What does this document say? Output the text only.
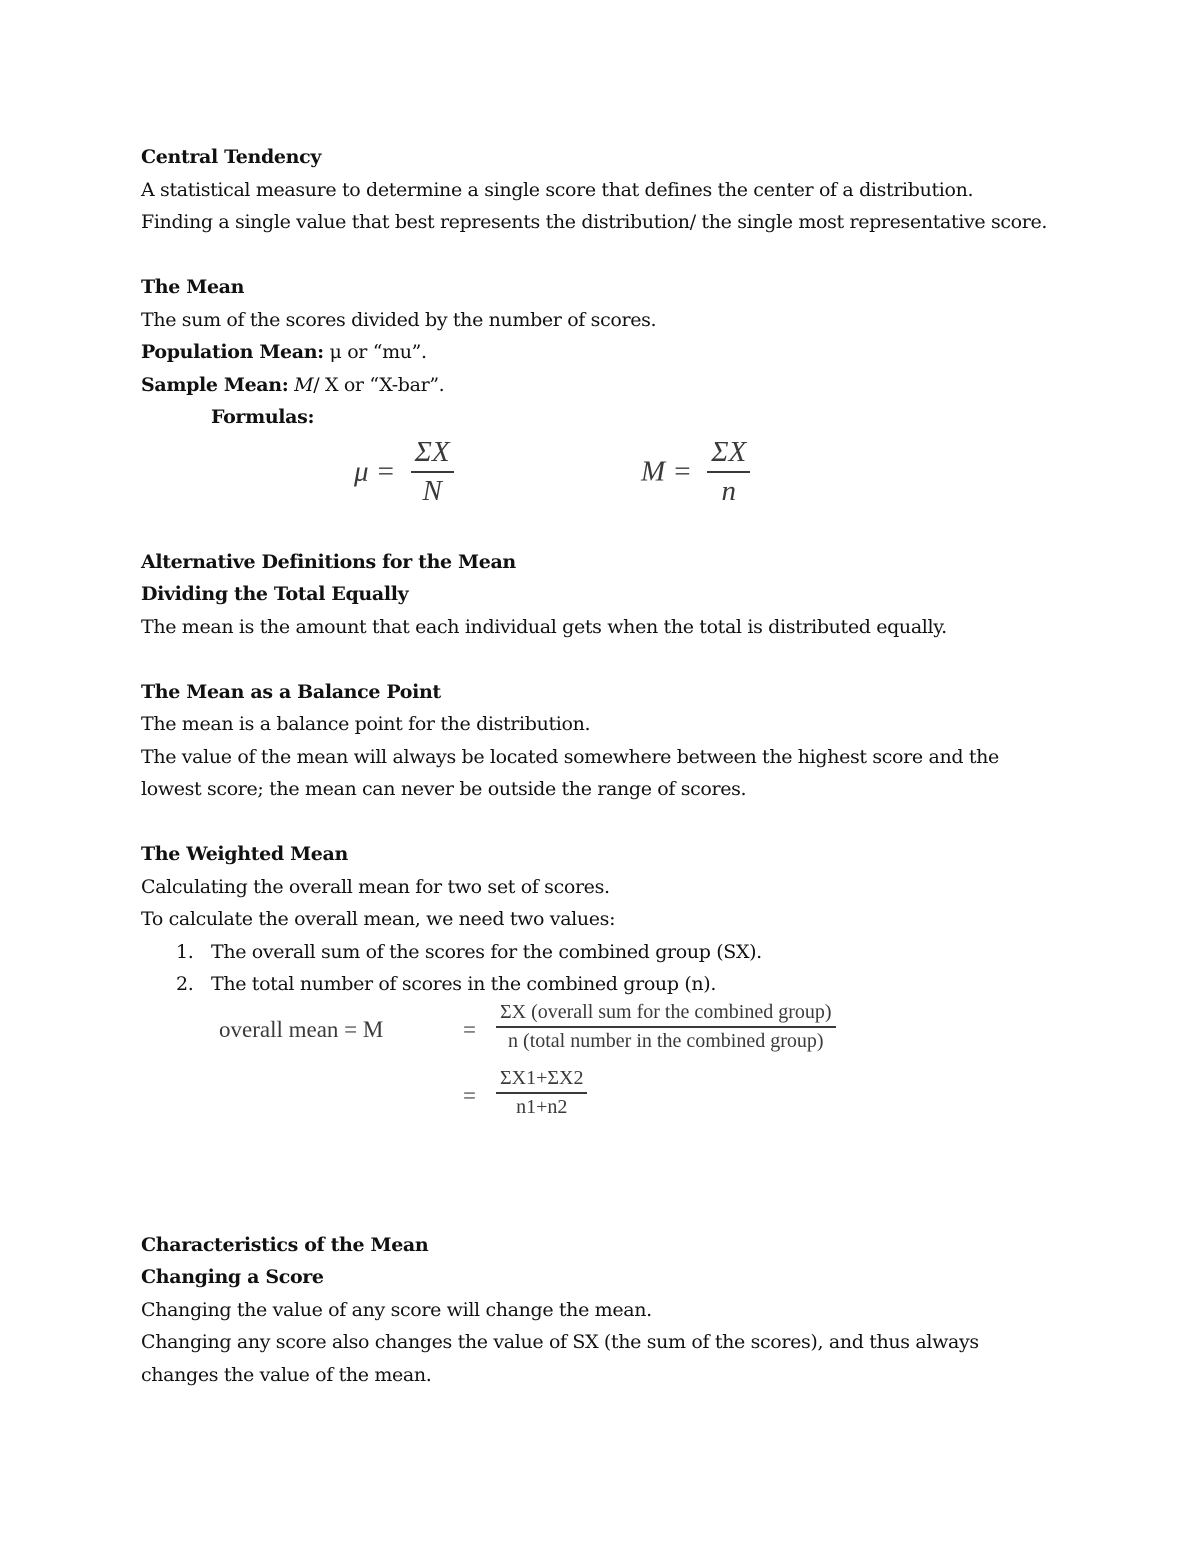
Central Tendency
A statistical measure to determine a single score that defines the center of a distribution.
Finding a single value that best represents the distribution/ the single most representative score.
The Mean
The sum of the scores divided by the number of scores.
Population Mean: μ or “mu”.
Sample Mean: M/ X or “X-bar”.
Formulas:
$\mu = \frac{\Sigma X}{N}$	$M = \frac{\Sigma X}{n}$
Alternative Definitions for the Mean
Dividing the Total Equally
The mean is the amount that each individual gets when the total is distributed equally.
The Mean as a Balance Point
The mean is a balance point for the distribution.
The value of the mean will always be located somewhere between the highest score and the
lowest score; the mean can never be outside the range of scores.
The Weighted Mean
Calculating the overall mean for two set of scores.
To calculate the overall mean, we need two values:
1. The overall sum of the scores for the combined group (SX).
2. The total number of scores in the combined group (n).
overall mean = M	= $\frac{\text{ΣX (overall sum for the combined group)}}{\text{n (total number in the combined group)}}$
= $\frac{\Sigma X1+\Sigma X2}{n1+n2}$
Characteristics of the Mean
Changing a Score
Changing the value of any score will change the mean.
Changing any score also changes the value of SX (the sum of the scores), and thus always
changes the value of the mean.
